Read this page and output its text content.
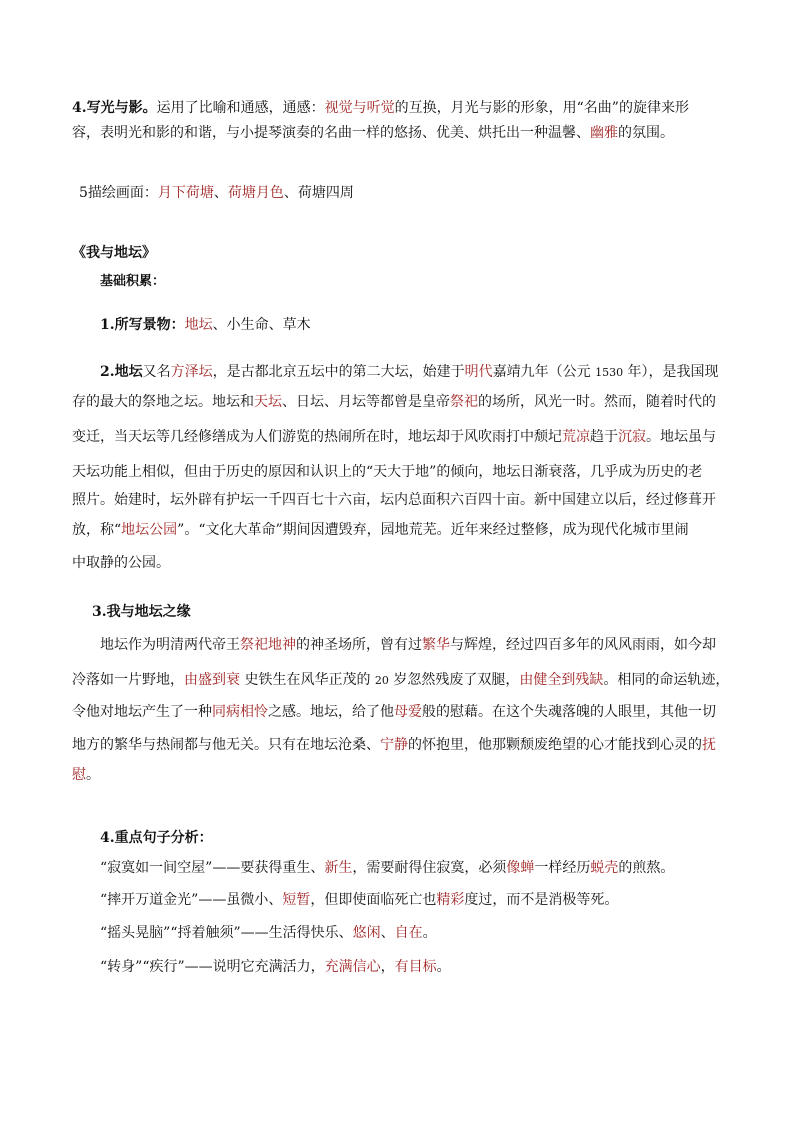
4.写光与影。运用了比喻和通感，通感：视觉与听觉的互换，月光与影的形象，用“名曲”的旋律来形
容，表明光和影的和谐，与小提琴演奏的名曲一样的悠扬、优美、烘托出一种温馨、幽雅的氛围。
5描绘画面：月下荷塘、荷塘月色、荷塘四周
《我与地坛》
基础积累：
1.所写景物：地坛、小生命、草木
2.地坛又名方泽坛，是古都北京五坛中的第二大坛，始建于明代嘉靖九年（公元 1530 年），是我国现
存的最大的祭地之坛。地坛和天坛、日坛、月坛等都曾是皇帝祭祀的场所，风光一时。然而，随着时代的
变迁，当天坛等几经修缮成为人们游览的热闹所在时，地坛却于风吹雨打中颓圮荒凉趋于沉寂。地坛虽与
天坛功能上相似，但由于历史的原因和认识上的“天大于地”的倾向，地坛日渐衰落，几乎成为历史的老
照片。始建时，坛外辟有护坛一千四百七十六亩，坛内总面积六百四十亩。新中国建立以后，经过修葺开
放，称“地坛公园”。“文化大革命”期间因遭毁弃，园地荒芜。近年来经过整修，成为现代化城市里闹
中取静的公园。
3.我与地坛之缘
地坛作为明清两代帝王祭祀地神的神圣场所，曾有过繁华与辉煌，经过四百多年的风风雨雨，如今却
冷落如一片野地，由盛到衰 史铁生在风华正茂的 20 岁忽然残废了双腿，由健全到残缺。相同的命运轨迹，
令他对地坛产生了一种同病相怜之感。地坛，给了他母爱般的慰藉。在这个失魂落魄的人眼里，其他一切
地方的繁华与热闹都与他无关。只有在地坛沧桑、宁静的怀抱里，他那颗颓废绝望的心才能找到心灵的抚
慰。
4.重点句子分析：
“寂寞如一间空屋”——要获得重生、新生，需要耐得住寂寞，必须像蝉一样经历蜕壳的煎熬。
“摔开万道金光”——虽微小、短暂，但即使面临死亡也精彩度过，而不是消极等死。
“摇头晃脑”“捋着触须”——生活得快乐、悠闲、自在。
“转身”“疾行”——说明它充满活力，充满信心，有目标。
